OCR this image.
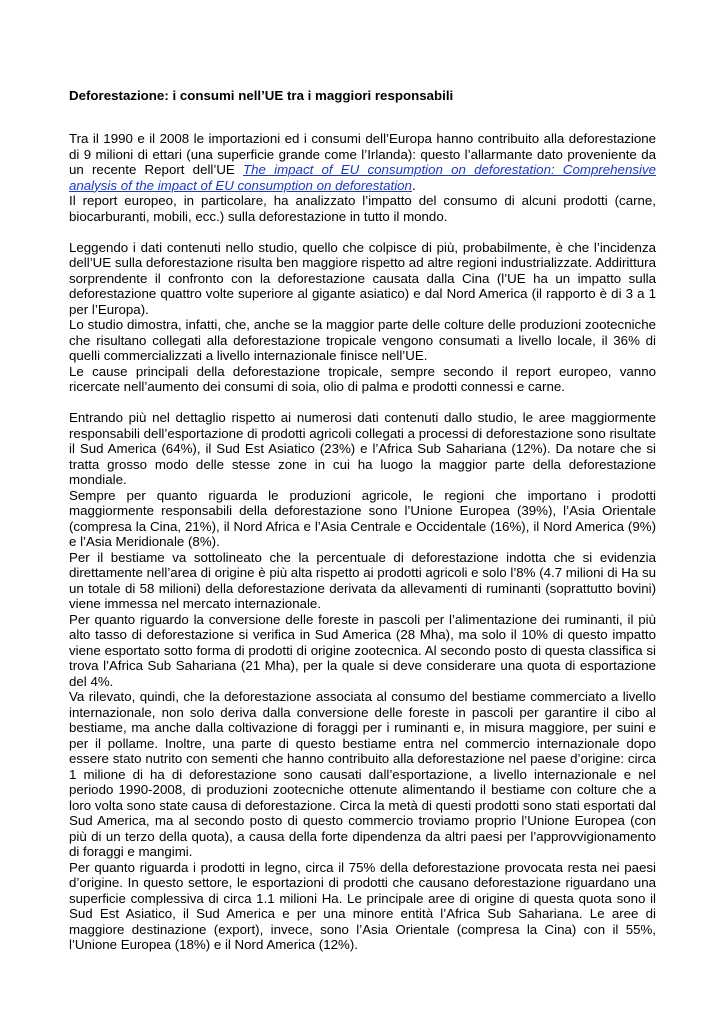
Deforestazione: i consumi nell’UE tra i maggiori responsabili

Tra il 1990 e il 2008 le importazioni ed i consumi dell’Europa hanno contribuito alla deforestazione di 9 milioni di ettari (una superficie grande come l’Irlanda): questo l’allarmante dato proveniente da un recente Report dell’UE The impact of EU consumption on deforestation: Comprehensive analysis of the impact of EU consumption on deforestation.

Il report europeo, in particolare, ha analizzato l’impatto del consumo di alcuni prodotti (carne, biocarburanti, mobili, ecc.) sulla deforestazione in tutto il mondo.

Leggendo i dati contenuti nello studio, quello che colpisce di più, probabilmente, è che l’incidenza dell’UE sulla deforestazione risulta ben maggiore rispetto ad altre regioni industrializzate. Addirittura sorprendente il confronto con la deforestazione causata dalla Cina (l’UE ha un impatto sulla deforestazione quattro volte superiore al gigante asiatico) e dal Nord America (il rapporto è di 3 a 1 per l’Europa).

Lo studio dimostra, infatti, che, anche se la maggior parte delle colture delle produzioni zootecniche che risultano collegati alla deforestazione tropicale vengono consumati a livello locale, il 36% di quelli commercializzati a livello internazionale finisce nell’UE.

Le cause principali della deforestazione tropicale, sempre secondo il report europeo, vanno ricercate nell’aumento dei consumi di soia, olio di palma e prodotti connessi e carne.

Entrando più nel dettaglio rispetto ai numerosi dati contenuti dallo studio, le aree maggiormente responsabili dell’esportazione di prodotti agricoli collegati a processi di deforestazione sono risultate il Sud America (64%), il Sud Est Asiatico (23%) e l’Africa Sub Sahariana (12%). Da notare che si tratta grosso modo delle stesse zone in cui ha luogo la maggior parte della deforestazione mondiale.

Sempre per quanto riguarda le produzioni agricole, le regioni che importano i prodotti maggiormente responsabili della deforestazione sono l’Unione Europea (39%), l’Asia Orientale (compresa la Cina, 21%), il Nord Africa e l’Asia Centrale e Occidentale (16%), il Nord America (9%) e l’Asia Meridionale (8%).

Per il bestiame va sottolineato che la percentuale di deforestazione indotta che si evidenzia direttamente nell’area di origine è più alta rispetto ai prodotti agricoli e solo l’8% (4.7 milioni di Ha su un totale di 58 milioni) della deforestazione derivata da allevamenti di ruminanti (soprattutto bovini) viene immessa nel mercato internazionale.

Per quanto riguardo la conversione delle foreste in pascoli per l’alimentazione dei ruminanti, il più alto tasso di deforestazione si verifica in Sud America (28 Mha), ma solo il 10% di questo impatto viene esportato sotto forma di prodotti di origine zootecnica. Al secondo posto di questa classifica si trova l’Africa Sub Sahariana (21 Mha), per la quale si deve considerare una quota di esportazione del 4%.

Va rilevato, quindi, che la deforestazione associata al consumo del bestiame commerciato a livello internazionale, non solo deriva dalla conversione delle foreste in pascoli per garantire il cibo al bestiame, ma anche dalla coltivazione di foraggi per i ruminanti e, in misura maggiore, per suini e per il pollame. Inoltre, una parte di questo bestiame entra nel commercio internazionale dopo essere stato nutrito con sementi che hanno contribuito alla deforestazione nel paese d’origine: circa 1 milione di ha di deforestazione sono causati dall’esportazione, a livello internazionale e nel periodo 1990-2008, di produzioni zootecniche ottenute alimentando il bestiame con colture che a loro volta sono state causa di deforestazione. Circa la metà di questi prodotti sono stati esportati dal Sud America, ma al secondo posto di questo commercio troviamo proprio l’Unione Europea (con più di un terzo della quota), a causa della forte dipendenza da altri paesi per l’approvvigionamento di foraggi e mangimi.

Per quanto riguarda i prodotti in legno, circa il 75% della deforestazione provocata resta nei paesi d’origine. In questo settore, le esportazioni di prodotti che causano deforestazione riguardano una superficie complessiva di circa 1.1 milioni Ha. Le principale aree di origine di questa quota sono il Sud Est Asiatico, il Sud America e per una minore entità l’Africa Sub Sahariana. Le aree di maggiore destinazione (export), invece, sono l’Asia Orientale (compresa la Cina) con il 55%, l’Unione Europea (18%) e il Nord America (12%).
